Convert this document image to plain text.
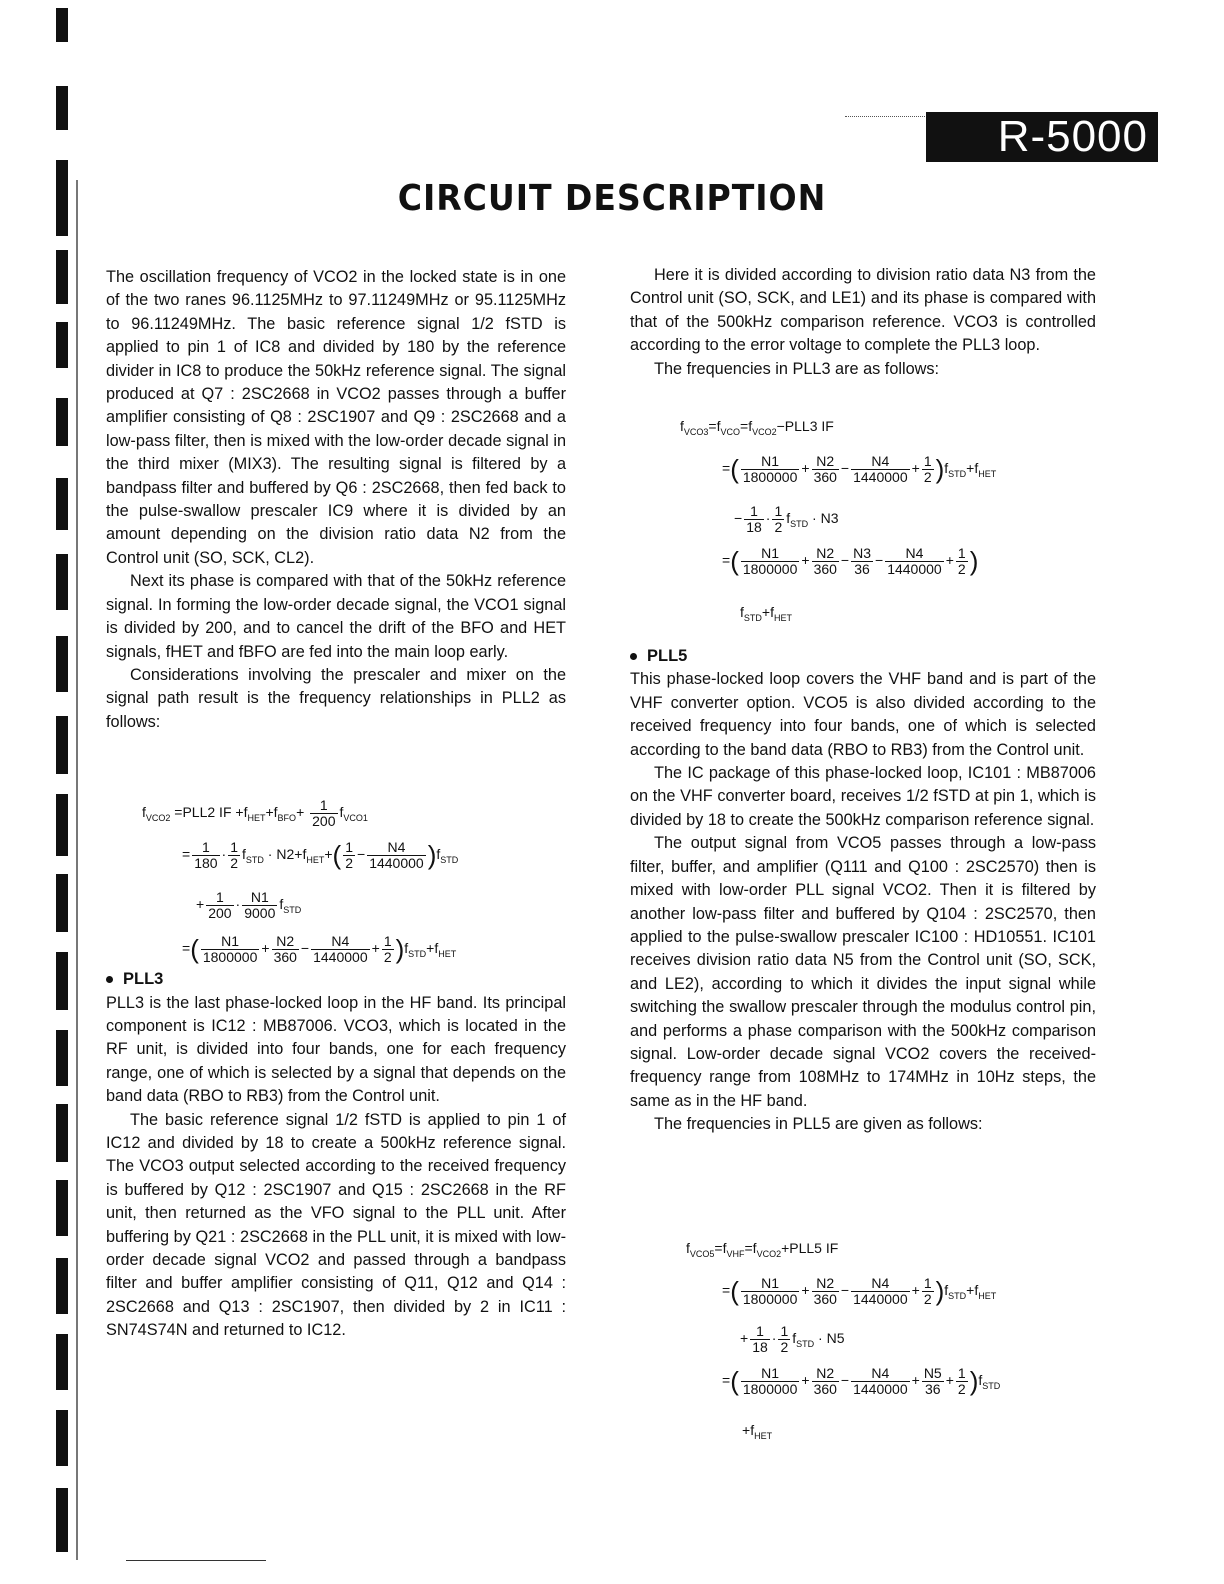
R-5000
CIRCUIT DESCRIPTION

The oscillation frequency of VCO2 in the locked state is in one of the two ranes 96.1125MHz to 97.11249MHz or 95.1125MHz to 96.11249MHz. The basic reference signal 1/2 fSTD is applied to pin 1 of IC8 and divided by 180 by the reference divider in IC8 to produce the 50kHz reference signal. The signal produced at Q7 : 2SC2668 in VCO2 passes through a buffer amplifier consisting of Q8 : 2SC1907 and Q9 : 2SC2668 and a low-pass filter, then is mixed with the low-order decade signal in the third mixer (MIX3). The resulting signal is filtered by a bandpass filter and buffered by Q6 : 2SC2668, then fed back to the pulse-swallow prescaler IC9 where it is divided by an amount depending on the division ratio data N2 from the Control unit (SO, SCK, CL2).

Next its phase is compared with that of the 50kHz reference signal. In forming the low-order decade signal, the VCO1 signal is divided by 200, and to cancel the drift of the BFO and HET signals, fHET and fBFO are fed into the main loop early.

Considerations involving the prescaler and mixer on the signal path result is the frequency relationships in PLL2 as follows:

PLL3

PLL3 is the last phase-locked loop in the HF band. Its principal component is IC12 : MB87006. VCO3, which is located in the RF unit, is divided into four bands, one for each frequency range, one of which is selected by a signal that depends on the band data (RBO to RB3) from the Control unit.

The basic reference signal 1/2 fSTD is applied to pin 1 of IC12 and divided by 18 to create a 500kHz reference signal. The VCO3 output selected according to the received frequency is buffered by Q12 : 2SC1907 and Q15 : 2SC2668 in the RF unit, then returned as the VFO signal to the PLL unit. After buffering by Q21 : 2SC2668 in the PLL unit, it is mixed with low-order decade signal VCO2 and passed through a bandpass filter and buffer amplifier consisting of Q11, Q12 and Q14 : 2SC2668 and Q13 : 2SC1907, then divided by 2 in IC11 : SN74S74N and returned to IC12.

$f_{VCO2} =PLL2$ IF $+f_{HET}+f_{BFO}+ \frac{1}{200} f_{VCO1}$
= $\frac{1}{180} \cdot \frac{1}{2} f_{STD} \cdot N2+f_{HET}+( \frac{1}{2} - \frac{N4}{1440000} )f_{STD}$
+ $\frac{1}{200} \cdot \frac{N1}{9000} f_{STD}$
=( $\frac{N1}{1800000} + \frac{N2}{360} - \frac{N4}{1440000} + \frac{1}{2} )f_{STD}+f_{HET}$

Here it is divided according to division ratio data N3 from the Control unit (SO, SCK, and LE1) and its phase is compared with that of the 500kHz comparison reference. VCO3 is controlled according to the error voltage to complete the PLL3 loop.

The frequencies in PLL3 are as follows:

PLL5

This phase-locked loop covers the VHF band and is part of the VHF converter option. VCO5 is also divided according to the received frequency into four bands, one of which is selected according to the band data (RBO to RB3) from the Control unit.

The IC package of this phase-locked loop, IC101 : MB87006 on the VHF converter board, receives 1/2 fSTD at pin 1, which is divided by 18 to create the 500kHz comparison reference signal.

The output signal from VCO5 passes through a low-pass filter, buffer, and amplifier (Q111 and Q100 : 2SC2570) then is mixed with low-order PLL signal VCO2. Then it is filtered by another low-pass filter and buffered by Q104 : 2SC2570, then applied to the pulse-swallow prescaler IC100 : HD10551. IC101 receives division ratio data N5 from the Control unit (SO, SCK, and LE2), according to which it divides the input signal while switching the swallow prescaler through the modulus control pin, and performs a phase comparison with the 500kHz comparison signal. Low-order decade signal VCO2 covers the received-frequency range from 108MHz to 174MHz in 10Hz steps, the same as in the HF band.

The frequencies in PLL5 are given as follows:

$f_{VCO3}=f_{VCO}=f_{VCO2}-PLL3$ IF
=( $\frac{N1}{1800000} + \frac{N2}{360} - \frac{N4}{1440000} + \frac{1}{2} )f_{STD}+f_{HET}$
− $\frac{1}{18} \cdot \frac{1}{2} f_{STD} \cdot N3$
=( $\frac{N1}{1800000} + \frac{N2}{360} - \frac{N3}{36} - \frac{N4}{1440000} + \frac{1}{2}$ )
$f_{STD}+f_{HET}$
$f_{VCO5}=f_{VHF}=f_{VCO2}+PLL5$ IF
=( $\frac{N1}{1800000} + \frac{N2}{360} - \frac{N4}{1440000} + \frac{1}{2} )f_{STD}+f_{HET}$
+ $\frac{1}{18} \cdot \frac{1}{2} f_{STD} \cdot N5$
=( $\frac{N1}{1800000} + \frac{N2}{360} - \frac{N4}{1440000} + \frac{N5}{36} + \frac{1}{2} )f_{STD}$
$+f_{HET}$
